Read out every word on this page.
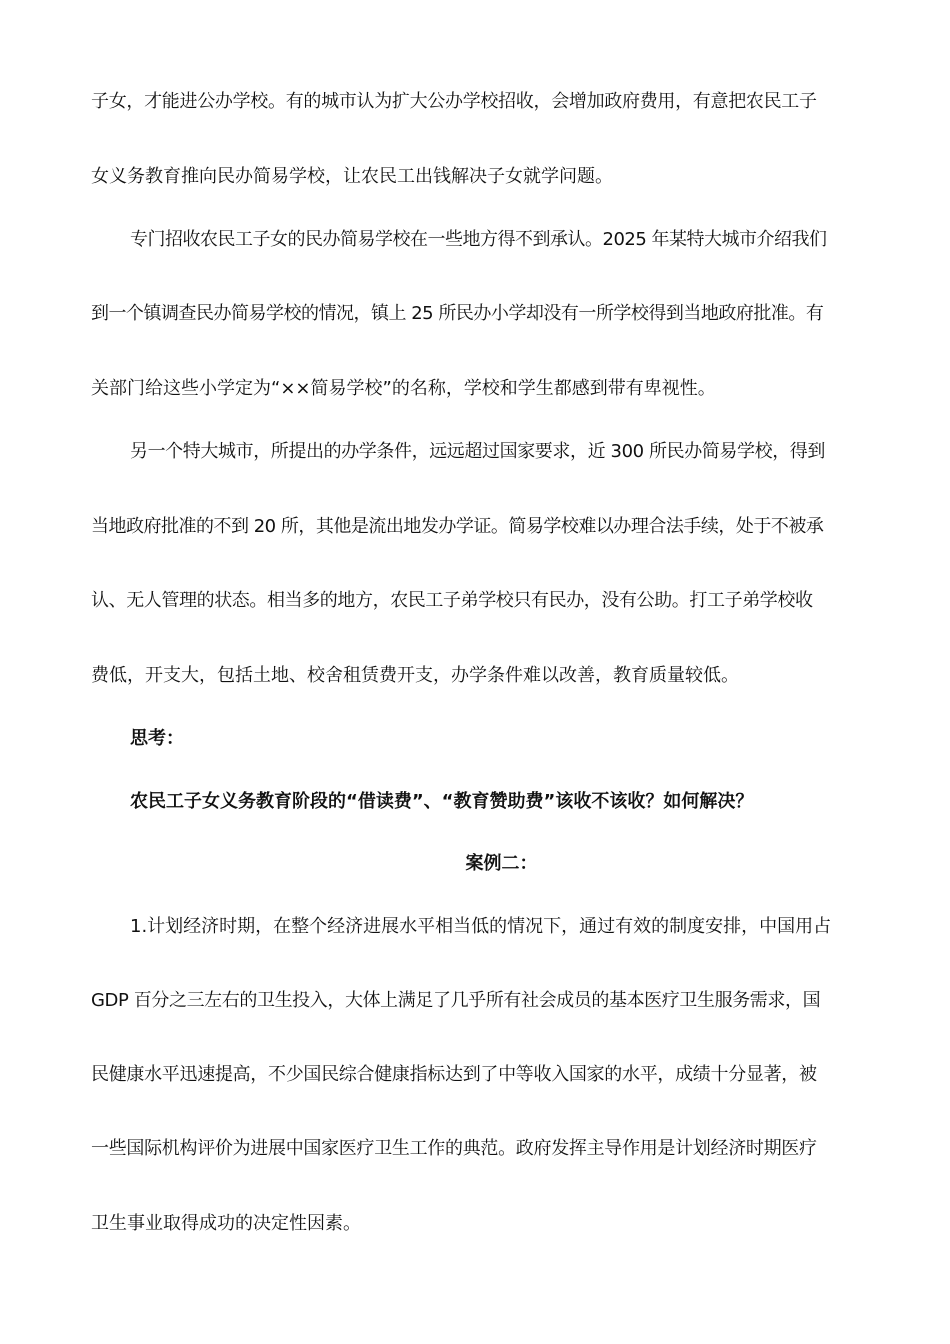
子女，才能进公办学校。有的城市认为扩大公办学校招收，会增加政府费用，有意把农民工子
女义务教育推向民办简易学校，让农民工出钱解决子女就学问题。
专门招收农民工子女的民办简易学校在一些地方得不到承认。2025 年某特大城市介绍我们
到一个镇调查民办简易学校的情况，镇上 25 所民办小学却没有一所学校得到当地政府批准。有
关部门给这些小学定为“××简易学校”的名称，学校和学生都感到带有卑视性。
另一个特大城市，所提出的办学条件，远远超过国家要求，近 300 所民办简易学校，得到
当地政府批准的不到 20 所，其他是流出地发办学证。简易学校难以办理合法手续，处于不被承
认、无人管理的状态。相当多的地方，农民工子弟学校只有民办，没有公助。打工子弟学校收
费低，开支大，包括土地、校舍租赁费开支，办学条件难以改善，教育质量较低。
思考：
农民工子女义务教育阶段的“借读费”、“教育赞助费”该收不该收？如何解决？
案例二：
1.计划经济时期，在整个经济进展水平相当低的情况下，通过有效的制度安排，中国用占
GDP 百分之三左右的卫生投入，大体上满足了几乎所有社会成员的基本医疗卫生服务需求，国
民健康水平迅速提高，不少国民综合健康指标达到了中等收入国家的水平，成绩十分显著，被
一些国际机构评价为进展中国家医疗卫生工作的典范。政府发挥主导作用是计划经济时期医疗
卫生事业取得成功的决定性因素。
